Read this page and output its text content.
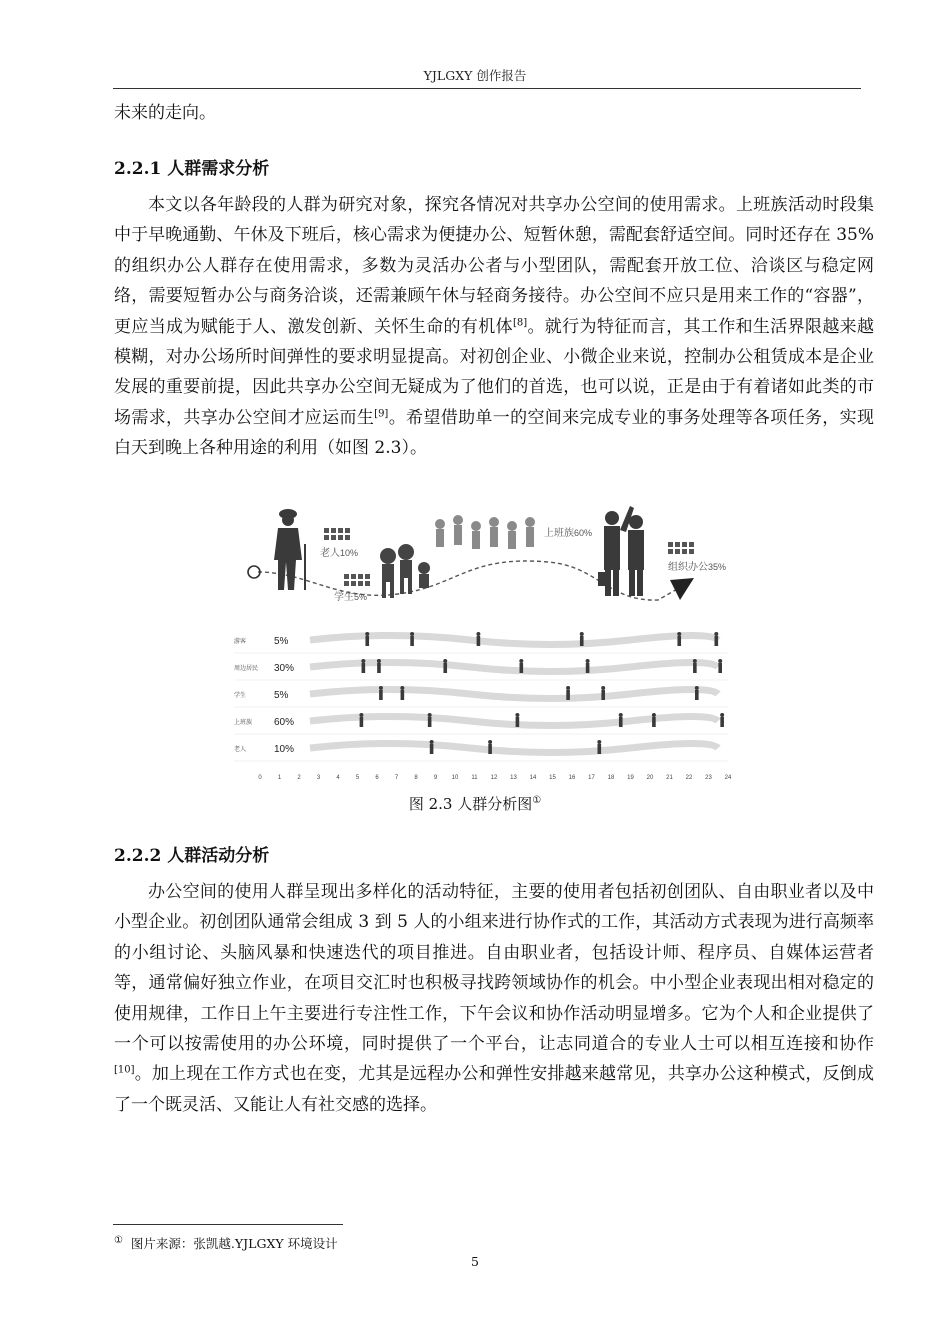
YJLGXY 创作报告

未来的走向。

2.2.1 人群需求分析

本文以各年龄段的人群为研究对象，探究各情况对共享办公空间的使用需求。上班族活动时段集中于早晚通勤、午休及下班后，核心需求为便捷办公、短暂休憩，需配套舒适空间。同时还存在 35% 的组织办公人群存在使用需求，多数为灵活办公者与小型团队，需配套开放工位、洽谈区与稳定网络，需要短暂办公与商务洽谈，还需兼顾午休与轻商务接待。办公空间不应只是用来工作的“容器”，更应当成为赋能于人、激发创新、关怀生命的有机体[8]。就行为特征而言，其工作和生活界限越来越模糊，对办公场所时间弹性的要求明显提高。对初创企业、小微企业来说，控制办公租赁成本是企业发展的重要前提，因此共享办公空间无疑成为了他们的首选，也可以说，正是由于有着诸如此类的市场需求，共享办公空间才应运而生[9]。希望借助单一的空间来完成专业的事务处理等各项任务，实现白天到晚上各种用途的利用（如图 2.3）。

老人10%
学生5%
上班族60%
组织办公35%
游客	5%
周边居民 30%
学生	5%
上班族 60%
老人	10%
0	1	2	3	4	5	6	7	8	9 10 11 12 13 14 15 16 17 18 19 20 21 22 23 24
图 2.3 人群分析图①
2.2.2 人群活动分析

办公空间的使用人群呈现出多样化的活动特征，主要的使用者包括初创团队、自由职业者以及中小型企业。初创团队通常会组成 3 到 5 人的小组来进行协作式的工作，其活动方式表现为进行高频率的小组讨论、头脑风暴和快速迭代的项目推进。自由职业者，包括设计师、程序员、自媒体运营者等，通常偏好独立作业，在项目交汇时也积极寻找跨领域协作的机会。中小型企业表现出相对稳定的使用规律，工作日上午主要进行专注性工作，下午会议和协作活动明显增多。它为个人和企业提供了一个可以按需使用的办公环境，同时提供了一个平台，让志同道合的专业人士可以相互连接和协作[10]。加上现在工作方式也在变，尤其是远程办公和弹性安排越来越常见，共享办公这种模式，反倒成了一个既灵活、又能让人有社交感的选择。

① 图片来源：张凯越.YJLGXY 环境设计
5
